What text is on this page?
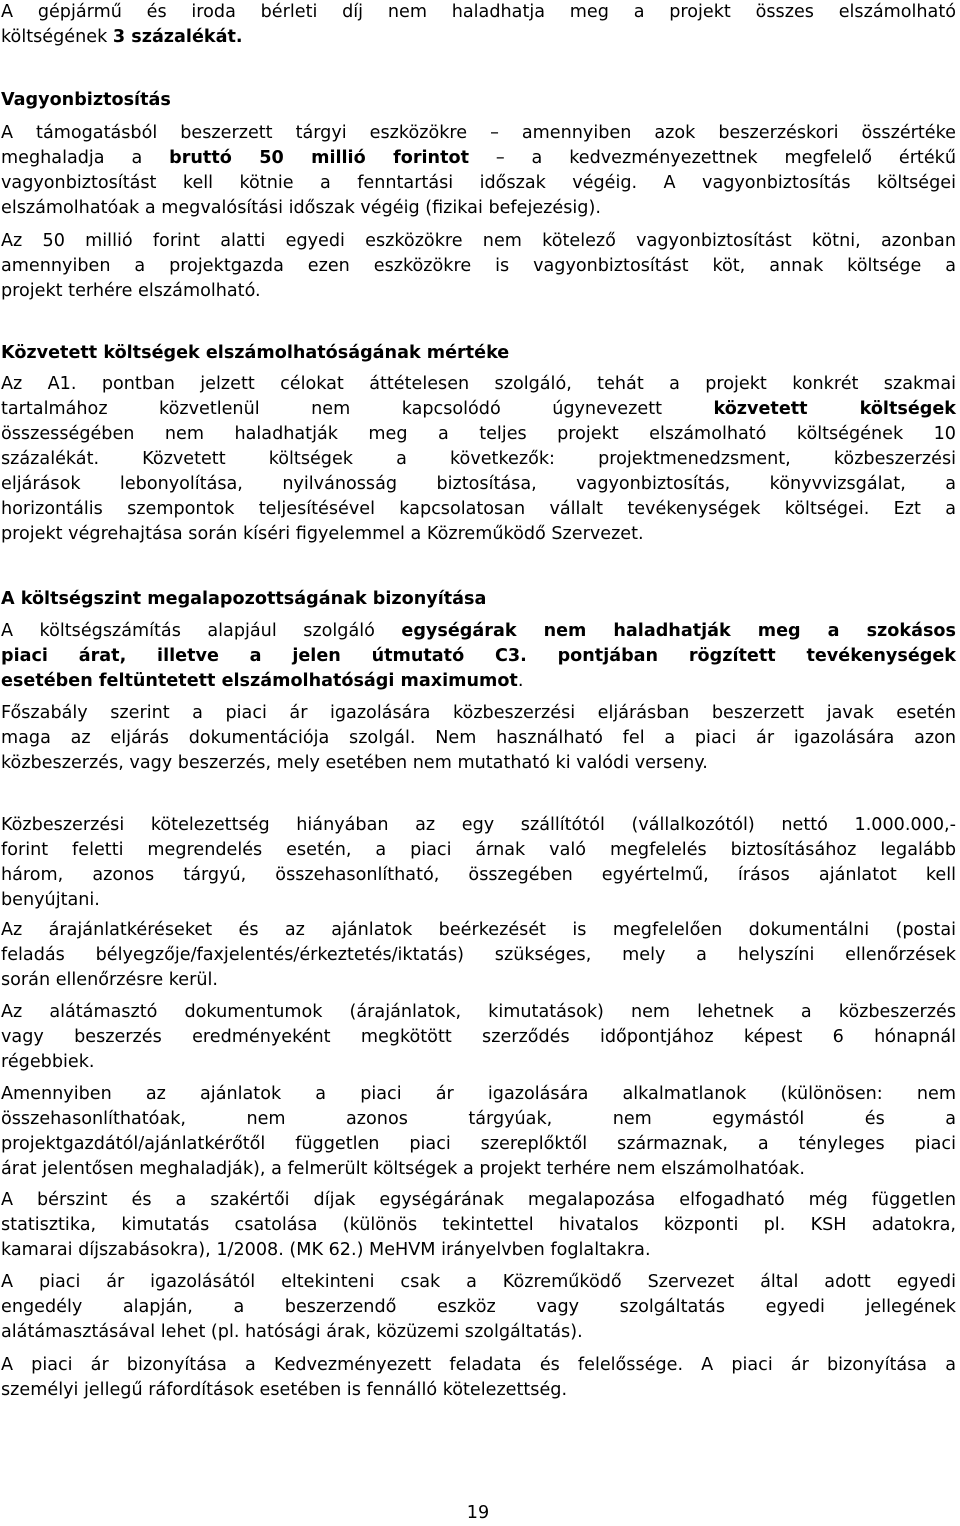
A gépjármű és iroda bérleti díj nem haladhatja meg a projekt összes elszámolható
költségének 3 százalékát.
Vagyonbiztosítás
A támogatásból beszerzett tárgyi eszközökre – amennyiben azok beszerzéskori összértéke
meghaladja a bruttó 50 millió forintot – a kedvezményezettnek megfelelő értékű
vagyonbiztosítást kell kötnie a fenntartási időszak végéig. A vagyonbiztosítás költségei
elszámolhatóak a megvalósítási időszak végéig (fizikai befejezésig).
Az 50 millió forint alatti egyedi eszközökre nem kötelező vagyonbiztosítást kötni, azonban
amennyiben a projektgazda ezen eszközökre is vagyonbiztosítást köt, annak költsége a
projekt terhére elszámolható.
Közvetett költségek elszámolhatóságának mértéke
Az A1. pontban jelzett célokat áttételesen szolgáló, tehát a projekt konkrét szakmai
tartalmához közvetlenül nem kapcsolódó úgynevezett közvetett költségek
összességében nem haladhatják meg a teljes projekt elszámolható költségének 10
százalékát. Közvetett költségek a következők: projektmenedzsment, közbeszerzési
eljárások lebonyolítása, nyilvánosság biztosítása, vagyonbiztosítás, könyvvizsgálat, a
horizontális szempontok teljesítésével kapcsolatosan vállalt tevékenységek költségei. Ezt a
projekt végrehajtása során kíséri figyelemmel a Közreműködő Szervezet.
A költségszint megalapozottságának bizonyítása
A költségszámítás alapjául szolgáló egységárak nem haladhatják meg a szokásos
piaci árat, illetve a jelen útmutató C3. pontjában rögzített tevékenységek
esetében feltüntetett elszámolhatósági maximumot.
Főszabály szerint a piaci ár igazolására közbeszerzési eljárásban beszerzett javak esetén
maga az eljárás dokumentációja szolgál. Nem használható fel a piaci ár igazolására azon
közbeszerzés, vagy beszerzés, mely esetében nem mutatható ki valódi verseny.
Közbeszerzési kötelezettség hiányában az egy szállítótól (vállalkozótól) nettó 1.000.000,-
forint feletti megrendelés esetén, a piaci árnak való megfelelés biztosításához legalább
három, azonos tárgyú, összehasonlítható, összegében egyértelmű, írásos ajánlatot kell
benyújtani.
Az árajánlatkéréseket és az ajánlatok beérkezését is megfelelően dokumentálni (postai
feladás bélyegzője/faxjelentés/érkeztetés/iktatás) szükséges, mely a helyszíni ellenőrzések
során ellenőrzésre kerül.
Az alátámasztó dokumentumok (árajánlatok, kimutatások) nem lehetnek a közbeszerzés
vagy beszerzés eredményeként megkötött szerződés időpontjához képest 6 hónapnál
régebbiek.
Amennyiben az ajánlatok a piaci ár igazolására alkalmatlanok (különösen: nem
összehasonlíthatóak, nem azonos tárgyúak, nem egymástól és a
projektgazdától/ajánlatkérőtől független piaci szereplőktől származnak, a tényleges piaci
árat jelentősen meghaladják), a felmerült költségek a projekt terhére nem elszámolhatóak.
A bérszint és a szakértői díjak egységárának megalapozása elfogadható még független
statisztika, kimutatás csatolása (különös tekintettel hivatalos központi pl. KSH adatokra,
kamarai díjszabásokra), 1/2008. (MK 62.) MeHVM irányelvben foglaltakra.
A piaci ár igazolásától eltekinteni csak a Közreműködő Szervezet által adott egyedi
engedély alapján, a beszerzendő eszköz vagy szolgáltatás egyedi jellegének
alátámasztásával lehet (pl. hatósági árak, közüzemi szolgáltatás).
A piaci ár bizonyítása a Kedvezményezett feladata és felelőssége. A piaci ár bizonyítása a
személyi jellegű ráfordítások esetében is fennálló kötelezettség.
19
